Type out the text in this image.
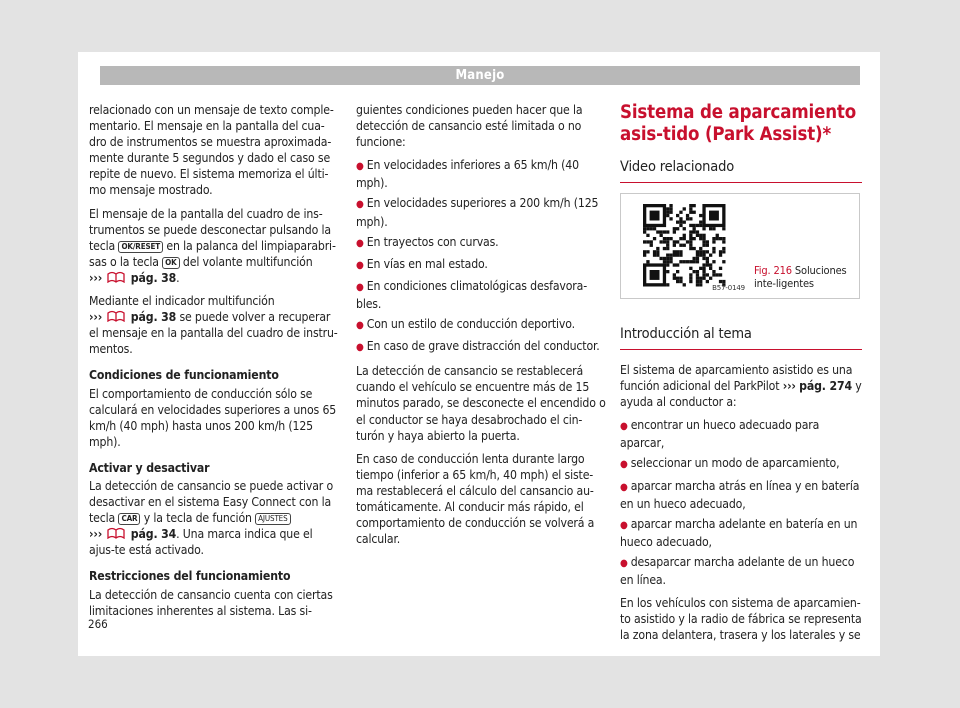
Manejo

relacionado con un mensaje de texto comple-mentario. El mensaje en la pantalla del cua-dro de instrumentos se muestra aproximada-mente durante 5 segundos y dado el caso se repite de nuevo. El sistema memoriza el últi-mo mensaje mostrado.

El mensaje de la pantalla del cuadro de ins-trumentos se puede desconectar pulsando la tecla OK/RESET en la palanca del limpiaparabri-sas o la tecla OK del volante multifunción
››› pág. 38.

Mediante el indicador multifunción
››› pág. 38 se puede volver a recuperar el mensaje en la pantalla del cuadro de instru-mentos.

Condiciones de funcionamiento

El comportamiento de conducción sólo se calculará en velocidades superiores a unos 65 km/h (40 mph) hasta unos 200 km/h (125 mph).

Activar y desactivar

La detección de cansancio se puede activar o desactivar en el sistema Easy Connect con la tecla CAR y la tecla de función AJUSTES
››› pág. 34. Una marca indica que el ajus-te está activado.

Restricciones del funcionamiento

La detección de cansancio cuenta con ciertas limitaciones inherentes al sistema. Las si-

guientes condiciones pueden hacer que la detección de cansancio esté limitada o no funcione:

● En velocidades inferiores a 65 km/h (40 mph).
● En velocidades superiores a 200 km/h (125 mph).
● En trayectos con curvas.
● En vías en mal estado.
● En condiciones climatológicas desfavora-bles.
● Con un estilo de conducción deportivo.
● En caso de grave distracción del conductor.

La detección de cansancio se restablecerá cuando el vehículo se encuentre más de 15 minutos parado, se desconecte el encendido o el conductor se haya desabrochado el cin-turón y haya abierto la puerta.

En caso de conducción lenta durante largo tiempo (inferior a 65 km/h, 40 mph) el siste-ma restablecerá el cálculo del cansancio au-tomáticamente. Al conducir más rápido, el comportamiento de conducción se volverá a calcular.

Sistema de aparcamiento asis-tido (Park Assist)*
Video relacionado
B57-0149
Fig. 216 Soluciones inte-ligentes
Introducción al tema

El sistema de aparcamiento asistido es una función adicional del ParkPilot ››› pág. 274 y ayuda al conductor a:

● encontrar un hueco adecuado para aparcar,
● seleccionar un modo de aparcamiento,
● aparcar marcha atrás en línea y en batería en un hueco adecuado,
● aparcar marcha adelante en batería en un hueco adecuado,
● desaparcar marcha adelante de un hueco en línea.

En los vehículos con sistema de aparcamien-to asistido y la radio de fábrica se representa la zona delantera, trasera y los laterales y se

266
